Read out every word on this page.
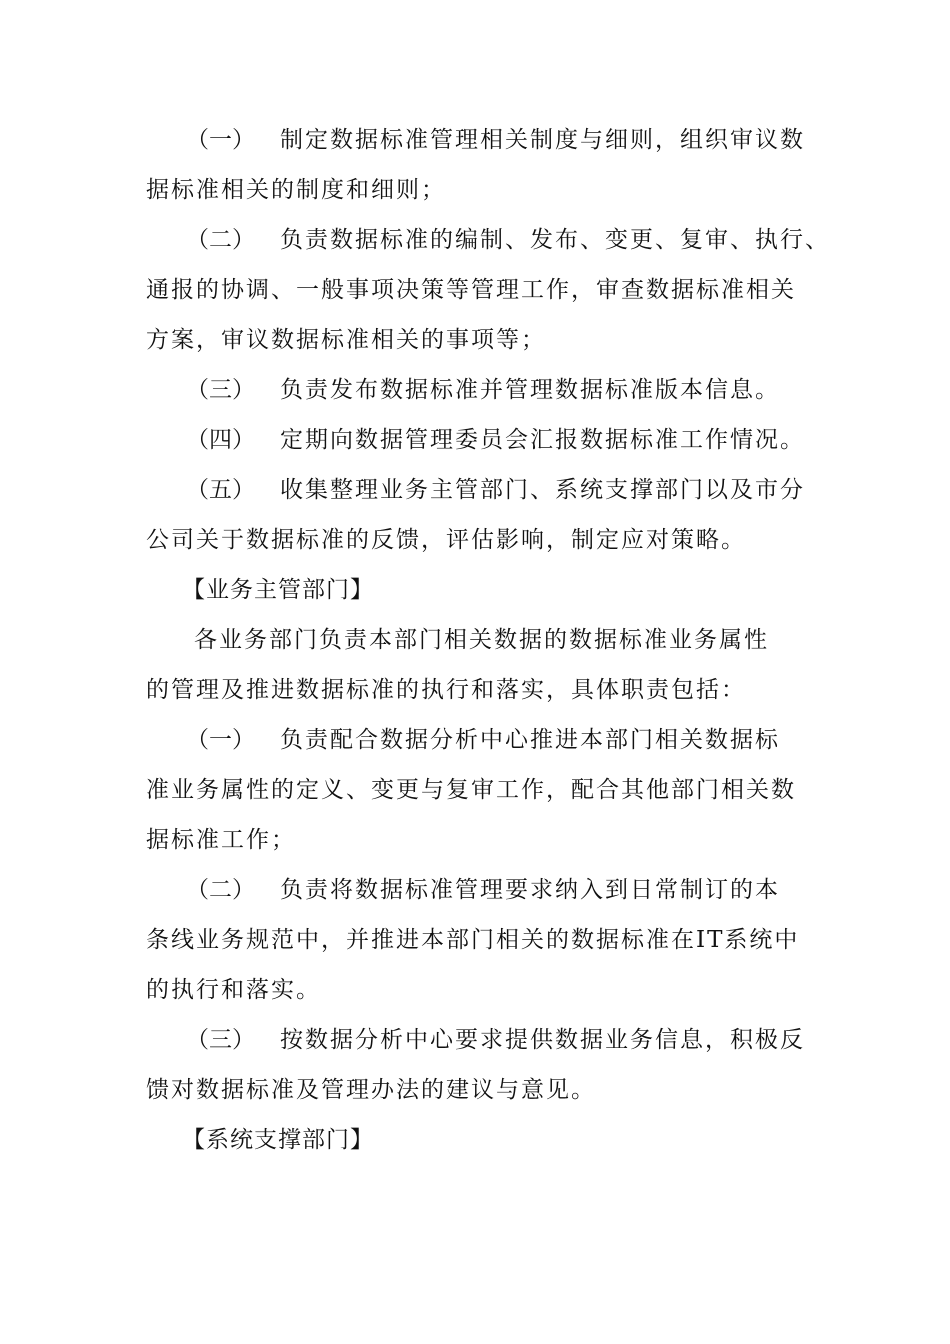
（一）	制定数据标准管理相关制度与细则，组织审议数
据标准相关的制度和细则；
（二）	负责数据标准的编制、发布、变更、复审、执行、
通报的协调、一般事项决策等管理工作，审查数据标准相关
方案，审议数据标准相关的事项等；
（三）	负责发布数据标准并管理数据标准版本信息。
（四）	定期向数据管理委员会汇报数据标准工作情况。
（五）	收集整理业务主管部门、系统支撑部门以及市分
公司关于数据标准的反馈，评估影响，制定应对策略。
【业务主管部门】
各业务部门负责本部门相关数据的数据标准业务属性
的管理及推进数据标准的执行和落实，具体职责包括：
（一）	负责配合数据分析中心推进本部门相关数据标
准业务属性的定义、变更与复审工作，配合其他部门相关数
据标准工作；
（二）	负责将数据标准管理要求纳入到日常制订的本
条线业务规范中，并推进本部门相关的数据标准在IT系统中
的执行和落实。
（三）	按数据分析中心要求提供数据业务信息，积极反
馈对数据标准及管理办法的建议与意见。
【系统支撑部门】
